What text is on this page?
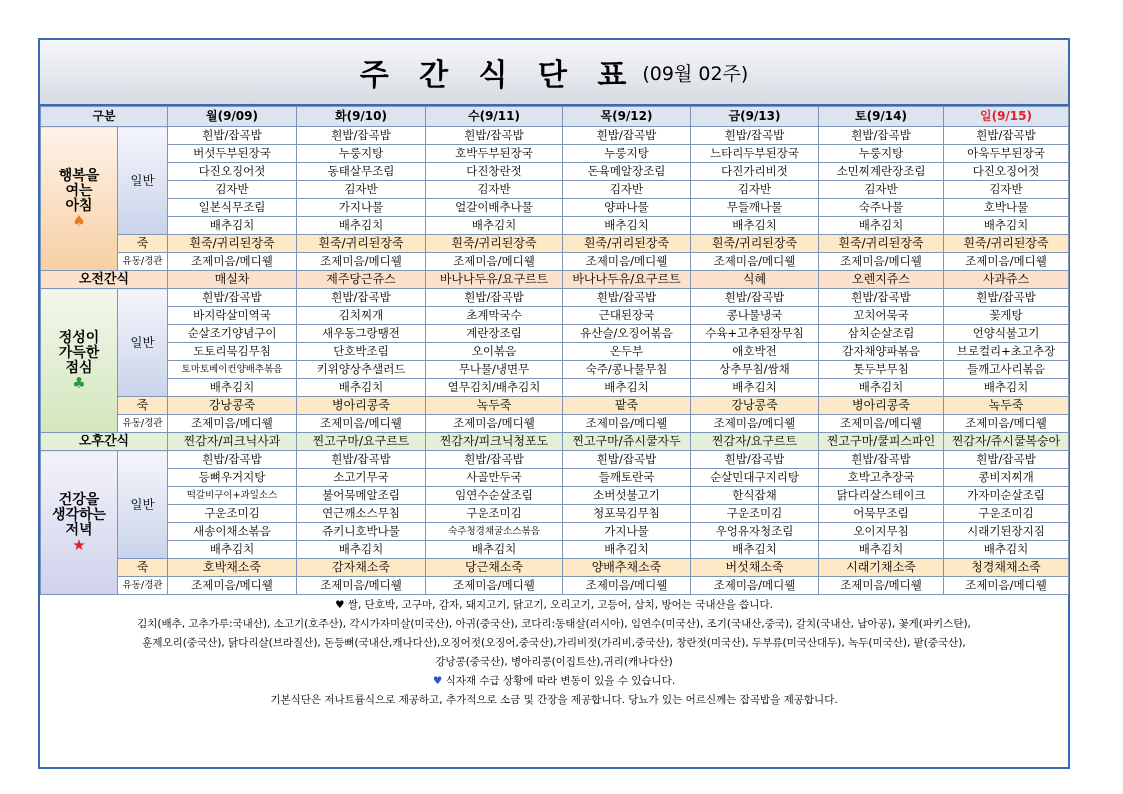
주 간 식 단 표 (09월 02주)
구분		월(9/09)	화(9/10)	수(9/11)	목(9/12)	금(9/13)	토(9/14)	일(9/15)

행복을
여는
아침
♠	일반	흰밥/잡곡밥	흰밥/잡곡밥	흰밥/잡곡밥	흰밥/잡곡밥	흰밥/잡곡밥	흰밥/잡곡밥	흰밥/잡곡밥
		버섯두부된장국	누룽지탕	호박두부된장국	누룽지탕	느타리두부된장국	누룽지탕	아욱두부된장국
		다진오징어젓	동태살무조림	다진창란젓	돈육메알장조림	다진가리비젓	소민찌계란장조림	다진오징어젓
		김자반	김자반	김자반	김자반	김자반	김자반	김자반
		일본식무조림	가지나물	얼갈이배추나물	양파나물	무들깨나물	숙주나물	호박나물
		배추김치	배추김치	배추김치	배추김치	배추김치	배추김치	배추김치
	죽	흰죽/귀리된장죽	흰죽/귀리된장죽	흰죽/귀리된장죽	흰죽/귀리된장죽	흰죽/귀리된장죽	흰죽/귀리된장죽	흰죽/귀리된장죽
	유동/경관	조제미음/메디웰	조제미음/메디웰	조제미음/메디웰	조제미음/메디웰	조제미음/메디웰	조제미음/메디웰	조제미음/메디웰
오전간식		매실차	제주당근쥬스	바나나두유/요구르트	바나나두유/요구르트	식혜	오렌지쥬스	사과쥬스

정성이
가득한
점심
♣	일반	흰밥/잡곡밥	흰밥/잡곡밥	흰밥/잡곡밥	흰밥/잡곡밥	흰밥/잡곡밥	흰밥/잡곡밥	흰밥/잡곡밥
		바지락살미역국	김치찌개	초계막국수	근대된장국	콩나물냉국	꼬치어묵국	꽃게탕
		순살조기양념구이	새우동그랑땡전	계란장조림	유산슬/오징어볶음	수육+고추된장무침	삼치순살조림	언양식불고기
		도토리묵김무침	단호박조림	오이볶음	온두부	애호박전	감자채양파볶음	브로컬리+초고추장
		토마토베이컨양배추볶음	키위양상추샐러드	무나물/냉면무	숙주/콩나물무침	상추무침/쌈채	톳두부무침	들깨고사리볶음
		배추김치	배추김치	열무김치/배추김치	배추김치	배추김치	배추김치	배추김치
	죽	강낭콩죽	병아리콩죽	녹두죽	팥죽	강낭콩죽	병아리콩죽	녹두죽
	유동/경관	조제미음/메디웰	조제미음/메디웰	조제미음/메디웰	조제미음/메디웰	조제미음/메디웰	조제미음/메디웰	조제미음/메디웰
오후간식		찐감자/피크닉사과	찐고구마/요구르트	찐감자/피크닉청포도	찐고구마/쥬시쿨자두	찐감자/요구르트	찐고구마/쿨피스파인	찐감자/쥬시쿨복숭아

건강을
생각하는
저녁
★	일반	흰밥/잡곡밥	흰밥/잡곡밥	흰밥/잡곡밥	흰밥/잡곡밥	흰밥/잡곡밥	흰밥/잡곡밥	흰밥/잡곡밥
		등뼈우거지탕	소고기무국	사골만두국	들깨토란국	순살민대구지리탕	호박고추장국	콩비지찌개
		떡갈비구이+과일소스	불어묵메알조림	임연수순살조림	소버섯불고기	한식잡채	닭다리살스테이크	가자미순살조림
		구운조미김	연근깨소스무침	구운조미김	청포묵김무침	구운조미김	어묵무조림	구운조미김
		새송이채소볶음	쥬키니호박나물	숙주청경채굴소스볶음	가지나물	우엉유자청조림	오이지무침	시래기된장지짐
		배추김치	배추김치	배추김치	배추김치	배추김치	배추김치	배추김치
	죽	호박채소죽	감자채소죽	당근채소죽	양배추채소죽	버섯채소죽	시래기채소죽	청경채채소죽
	유동/경관	조제미음/메디웰	조제미음/메디웰	조제미음/메디웰	조제미음/메디웰	조제미음/메디웰	조제미음/메디웰	조제미음/메디웰
♥ 쌀, 단호박, 고구마, 감자, 돼지고기, 닭고기, 오리고기, 고등어, 삼치, 방어는 국내산을 씁니다.
김치(배추, 고추가루:국내산), 소고기(호주산), 각시가자미살(미국산), 아귀(중국산), 코다리:동태살(러시아), 임연수(미국산), 조기(국내산,중국), 갈치(국내산, 남아공), 꽃게(파키스탄),
훈제오리(중국산), 닭다리살(브라질산), 돈등뼈(국내산,캐나다산),오징어젓(오징어,중국산),가리비젓(가리비,중국산), 창란젓(미국산), 두부류(미국산대두), 녹두(미국산), 팥(중국산),
강낭콩(중국산), 병아리콩(이집트산),귀리(캐나다산)
♥ 식자재 수급 상황에 따라 변동이 있을 수 있습니다.
기본식단은 저나트륨식으로 제공하고, 추가적으로 소금 및 간장을 제공합니다. 당뇨가 있는 어르신께는 잡곡밥을 제공합니다.
